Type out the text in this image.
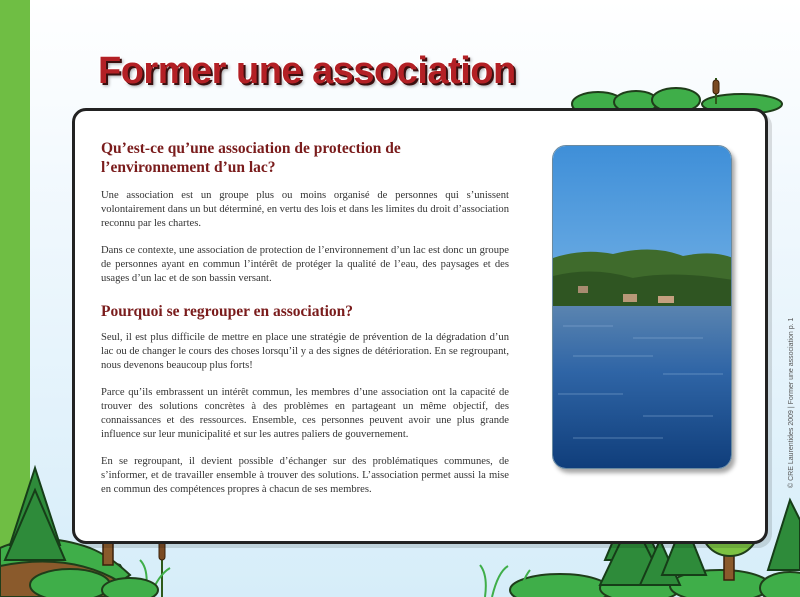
Former une association
Qu’est-ce qu’une association de protection de l’environnement d’un lac?

Une association est un groupe plus ou moins organisé de personnes qui s’unissent volontairement dans un but déterminé, en vertu des lois et dans les limites du droit d’association reconnu par les chartes.

Dans ce contexte, une association de protection de l’environnement d’un lac est donc un groupe de personnes ayant en commun l’intérêt de protéger la qualité de l’eau, des paysages et des usages d’un lac et de son bassin versant.

Pourquoi se regrouper en association?

Seul, il est plus difficile de mettre en place une stratégie de prévention de la dégradation d’un lac ou de changer le cours des choses lorsqu’il y a des signes de détérioration. En se regroupant, nous devenons beaucoup plus forts!

Parce qu’ils embrassent un intérêt commun, les membres d’une association ont la capacité de trouver des solutions concrètes à des problèmes en partageant un même objectif, des connaissances et des ressources. Ensemble, ces personnes peuvent avoir une plus grande influence sur leur municipalité et sur les autres paliers de gouvernement.

En se regroupant, il devient possible d’échanger sur des problématiques communes, de s’informer, et de travailler ensemble à trouver des solutions. L’association permet aussi la mise en commun des compétences propres à chacun de ses membres.

© CRE Laurentides 2009 | Former une association p. 1
